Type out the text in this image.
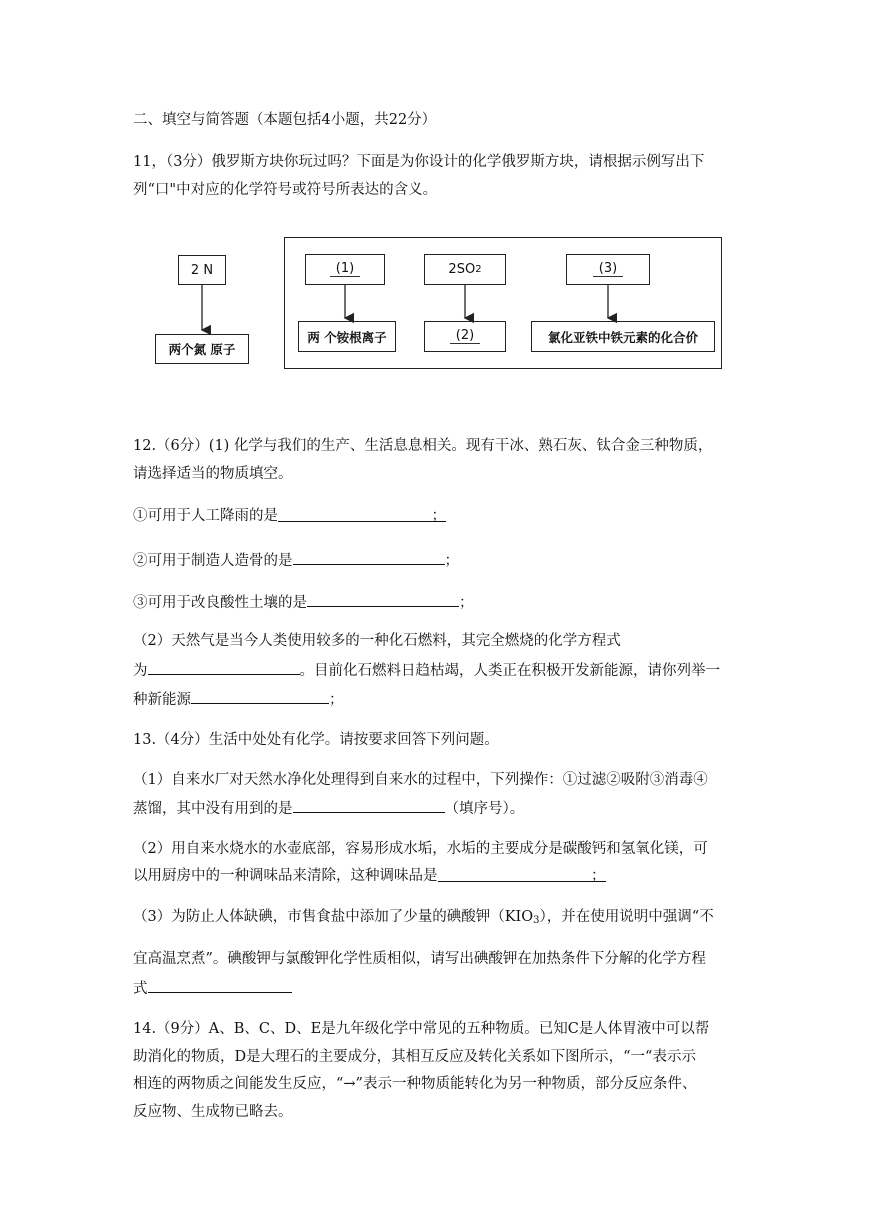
二、填空与简答题（本题包括4小题，共22分）
11，（3分）俄罗斯方块你玩过吗？下面是为你设计的化学俄罗斯方块，请根据示例写出下
列“口"中对应的化学符号或符号所表达的含义。
2 N
两个氮 原子
(1)
两 个铵根离子
2SO 2
(2)
(3)
氯化亚铁中铁元素的化合价
12.（6分）(1) 化学与我们的生产、生活息息相关。现有干冰、熟石灰、钛合金三种物质，
请选择适当的物质填空。
①可用于人工降雨的是	；
②可用于制造人造骨的是	；
③可用于改良酸性土壤的是	；
（2）天然气是当今人类使用较多的一种化石燃料，其完全燃烧的化学方程式
为	。目前化石燃料日趋枯竭，人类正在积极开发新能源，请你列举一
种新能源	；
13.（4分）生活中处处有化学。请按要求回答下列问题。
（1）自来水厂对天然水净化处理得到自来水的过程中，下列操作：①过滤②吸附③消毒④
蒸馏，其中没有用到的是	（填序号）。
（2）用自来水烧水的水壶底部，容易形成水垢，水垢的主要成分是碳酸钙和氢氧化镁，可
以用厨房中的一种调味品来清除，这种调味品是	；
（3）为防止人体缺碘，市售食盐中添加了少量的碘酸钾$(KIO_3)$，并在使用说明中强调“不
宜高温烹煮”。碘酸钾与氯酸钾化学性质相似，请写出碘酸钾在加热条件下分解的化学方程
式
14.（9分）A、B、C、D、E是九年级化学中常见的五种物质。已知C是人体胃液中可以帮
助消化的物质，D是大理石的主要成分，其相互反应及转化关系如下图所示，“一“表示示
相连的两物质之间能发生反应，“→”表示一种物质能转化为另一种物质，部分反应条件、
反应物、生成物已略去。
